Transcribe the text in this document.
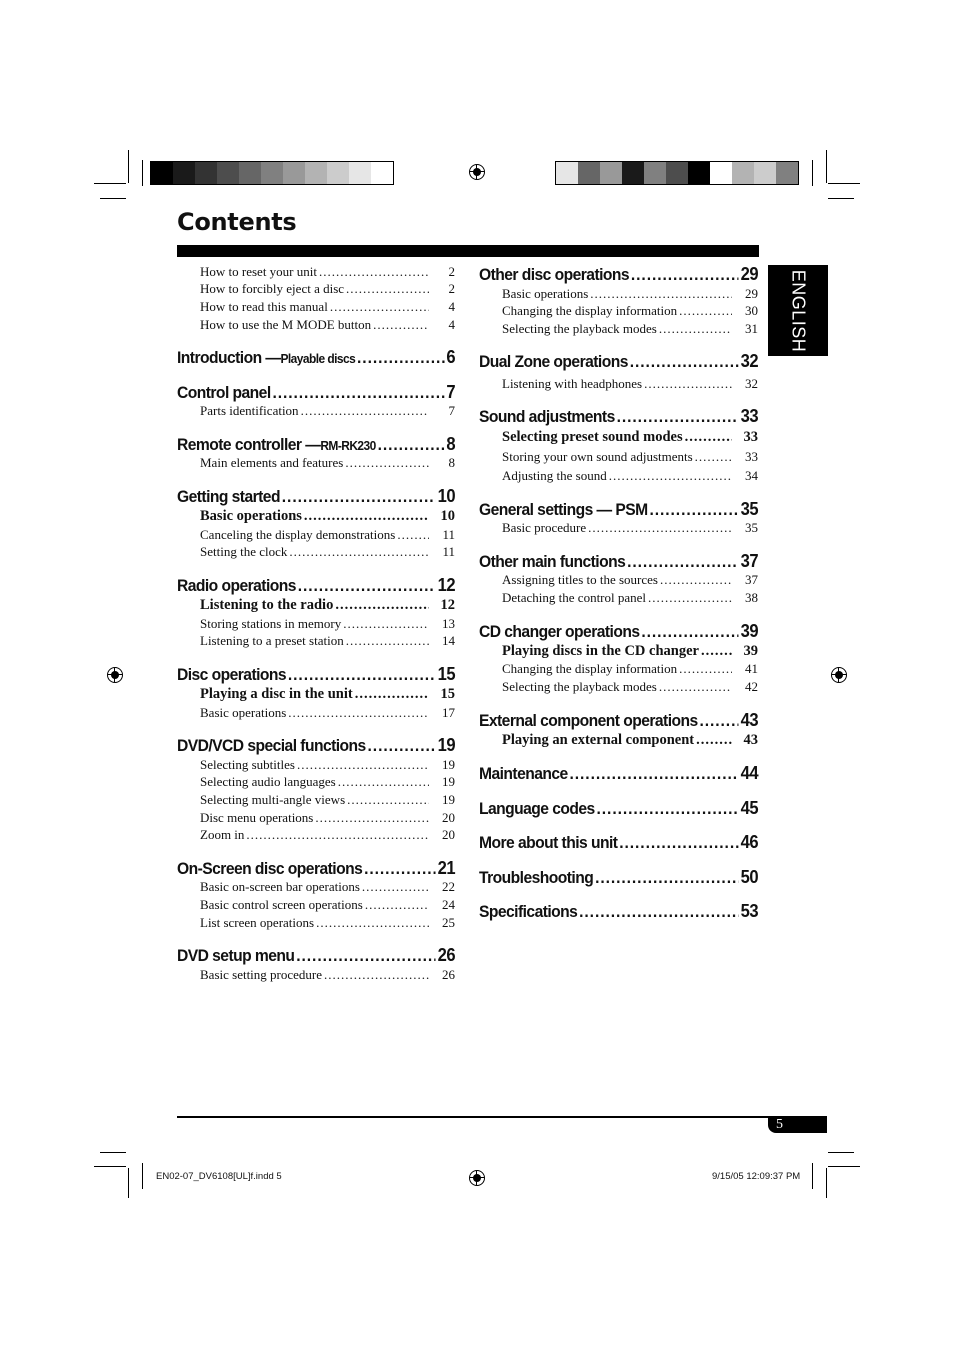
Contents
ENGLISH
How to reset your unit .....	2
How to forcibly eject a disc .....	2
How to read this manual .....	4
How to use the M MODE button .....	4
Introduction — Playable discs .....	6
Control panel .....	7
Parts identification .....	7
Remote controller — RM-RK230 .....	8
Main elements and features .....	8
Getting started .....	10
Basic operations .....	10
Canceling the display demonstrations .....	11
Setting the clock .....	11
Radio operations .....	12
Listening to the radio .....	12
Storing stations in memory .....	13
Listening to a preset station .....	14
Disc operations .....	15
Playing a disc in the unit .....	15
Basic operations .....	17
DVD/VCD special functions .....	19
Selecting subtitles .....	19
Selecting audio languages .....	19
Selecting multi-angle views .....	19
Disc menu operations .....	20
Zoom in .....	20
On-Screen disc operations .....	21
Basic on-screen bar operations .....	22
Basic control screen operations .....	24
List screen operations .....	25
DVD setup menu .....	26
Basic setting procedure .....	26
Other disc operations .....	29
Basic operations .....	29
Changing the display information .....	30
Selecting the playback modes .....	31
Dual Zone operations .....	32
Listening with headphones .....	32
Sound adjustments .....	33
Selecting preset sound modes .....	33
Storing your own sound adjustments .....	33
Adjusting the sound .....	34
General settings — PSM .....	35
Basic procedure .....	35
Other main functions .....	37
Assigning titles to the sources .....	37
Detaching the control panel .....	38
CD changer operations .....	39
Playing discs in the CD changer .....	39
Changing the display information .....	41
Selecting the playback modes .....	42
External component operations ..... 43
Playing an external component .....	43
Maintenance .....	44
Language codes .....	45
More about this unit .....	46
Troubleshooting .....	50
Specifications .....	53
5
EN02-07_DV6108[UL]f.indd 5	9/15/05 12:09:37 PM
